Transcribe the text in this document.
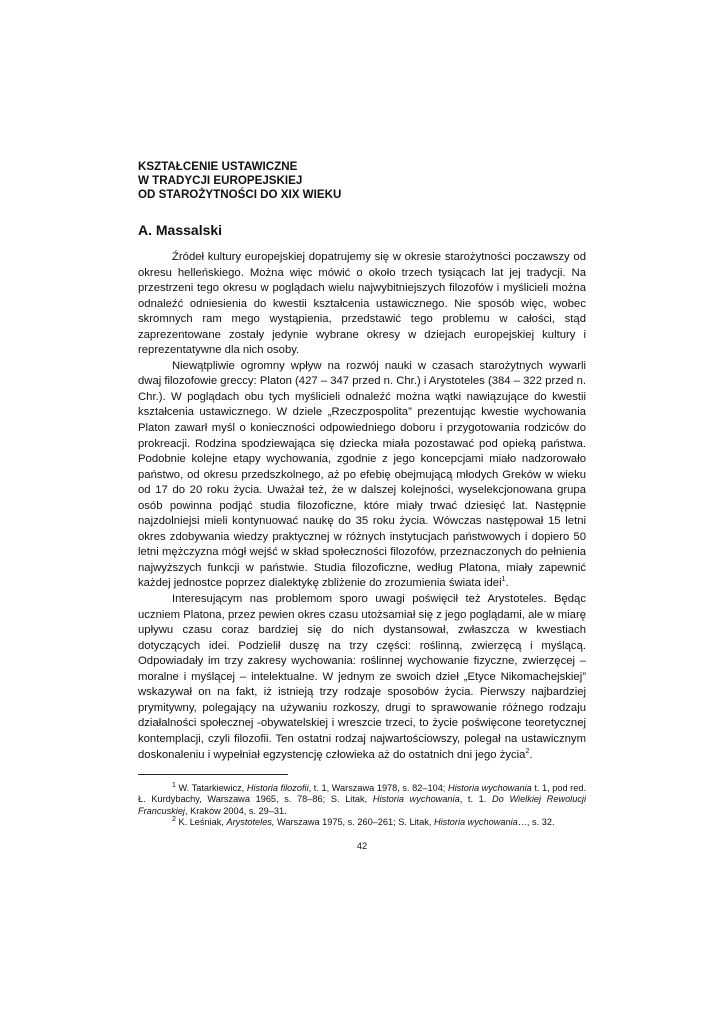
KSZTAŁCENIE USTAWICZNE
W TRADYCJI EUROPEJSKIEJ
OD STAROŻYTNOŚCI DO XIX WIEKU
A. Massalski

Źródeł kultury europejskiej dopatrujemy się w okresie starożytności poczawszy od okresu helleńskiego. Można więc mówić o około trzech tysiącach lat jej tradycji. Na przestrzeni tego okresu w poglądach wielu najwybitniejszych filozofów i myślicieli można odnaleźć odniesienia do kwestii kształcenia ustawicznego. Nie sposób więc, wobec skromnych ram mego wystąpienia, przedstawić tego problemu w całości, stąd zaprezentowane zostały jedynie wybrane okresy w dziejach europejskiej kultury i reprezentatywne dla nich osoby.

Niewątpliwie ogromny wpływ na rozwój nauki w czasach starożytnych wywarli dwaj filozofowie greccy: Platon (427 – 347 przed n. Chr.) i Arystoteles (384 – 322 przed n. Chr.). W poglądach obu tych myślicieli odnaleźć można wątki nawiązujące do kwestii kształcenia ustawicznego. W dziele „Rzeczpospolita” prezentując kwestie wychowania Platon zawarł myśl o konieczności odpowiedniego doboru i przygotowania rodziców do prokreacji. Rodzina spodziewająca się dziecka miała pozostawać pod opieką państwa. Podobnie kolejne etapy wychowania, zgodnie z jego koncepcjami miało nadzorowało państwo, od okresu przedszkolnego, aż po efebię obejmującą młodych Greków w wieku od 17 do 20 roku życia. Uważał też, że w dalszej kolejności, wyselekcjonowana grupa osób powinna podjąć studia filozoficzne, które miały trwać dziesięć lat. Następnie najzdolniejsi mieli kontynuować naukę do 35 roku życia. Wówczas następował 15 letni okres zdobywania wiedzy praktycznej w różnych instytucjach państwowych i dopiero 50 letni mężczyzna mógł wejść w skład społeczności filozofów, przeznaczonych do pełnienia najwyższych funkcji w państwie. Studia filozoficzne, według Platona, miały zapewnić każdej jednostce poprzez dialektykę zbliżenie do zrozumienia świata idei$^1$.

Interesującym nas problemom sporo uwagi poświęcił też Arystoteles. Będąc uczniem Platona, przez pewien okres czasu utożsamiał się z jego poglądami, ale w miarę upływu czasu coraz bardziej się do nich dystansował, zwłaszcza w kwestiach dotyczących idei. Podzielił duszę na trzy części: roślinną, zwierzęcą i myślącą. Odpowiadały im trzy zakresy wychowania: roślinnej wychowanie fizyczne, zwierzęcej – moralne i myślącej – intelektualne. W jednym ze swoich dzieł „Etyce Nikomachejskiej” wskazywał on na fakt, iż istnieją trzy rodzaje sposobów życia. Pierwszy najbardziej prymitywny, polegający na używaniu rozkoszy, drugi to sprawowanie różnego rodzaju działalności społecznej -obywatelskiej i wreszcie trzeci, to życie poświęcone teoretycznej kontemplacji, czyli filozofii. Ten ostatni rodzaj najwartościowszy, polegał na ustawicznym doskonaleniu i wypełniał egzystencję człowieka aż do ostatnich dni jego życia$^2$.

$^1$ W. Tatarkiewicz, Historia filozofii, t. 1, Warszawa 1978, s. 82–104; Historia wychowania t. 1, pod red. Ł. Kurdybachy, Warszawa 1965, s. 78–86; S. Litak, Historia wychowania, t. 1. Do Wielkiej Rewolucji Francuskiej, Kraków 2004, s. 29–31.

$^2$ K. Leśniak, Arystoteles, Warszawa 1975, s. 260–261; S. Litak, Historia wychowania…, s. 32.

42
